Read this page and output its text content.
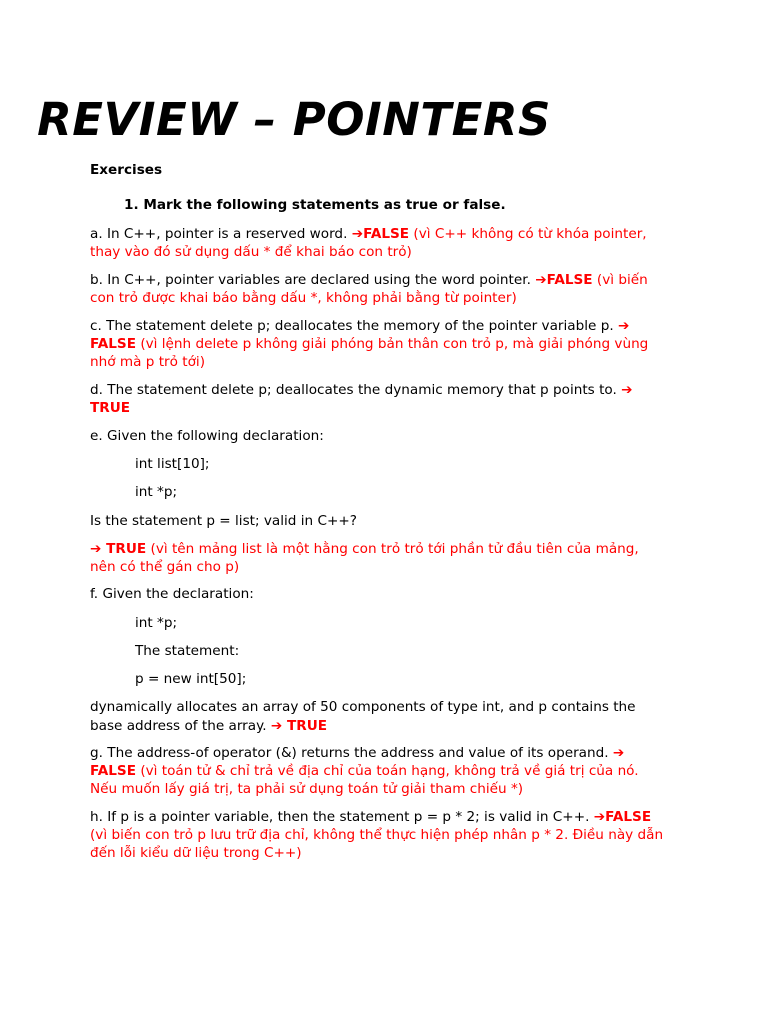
REVIEW – POINTERS
Exercises
1. Mark the following statements as true or false.
a. In C++, pointer is a reserved word. ➔FALSE (vì C++ không có từ khóa pointer,
thay vào đó sử dụng dấu * để khai báo con trỏ)
b. In C++, pointer variables are declared using the word pointer. ➔FALSE (vì biến
con trỏ được khai báo bằng dấu *, không phải bằng từ pointer)
c. The statement delete p; deallocates the memory of the pointer variable p. ➔
FALSE (vì lệnh delete p không giải phóng bản thân con trỏ p, mà giải phóng vùng
nhớ mà p trỏ tới)
d. The statement delete p; deallocates the dynamic memory that p points to. ➔
TRUE
e. Given the following declaration:
int list[10];
int *p;
Is the statement p = list; valid in C++?
➔ TRUE (vì tên mảng list là một hằng con trỏ trỏ tới phần tử đầu tiên của mảng,
nên có thể gán cho p)
f. Given the declaration:
int *p;
The statement:
p = new int[50];
dynamically allocates an array of 50 components of type int, and p contains the
base address of the array. ➔ TRUE
g. The address-of operator (&) returns the address and value of its operand. ➔
FALSE (vì toán tử & chỉ trả về địa chỉ của toán hạng, không trả về giá trị của nó.
Nếu muốn lấy giá trị, ta phải sử dụng toán tử giải tham chiếu *)
h. If p is a pointer variable, then the statement p = p * 2; is valid in C++. ➔FALSE
(vì biến con trỏ p lưu trữ địa chỉ, không thể thực hiện phép nhân p * 2. Điều này dẫn
đến lỗi kiểu dữ liệu trong C++)
